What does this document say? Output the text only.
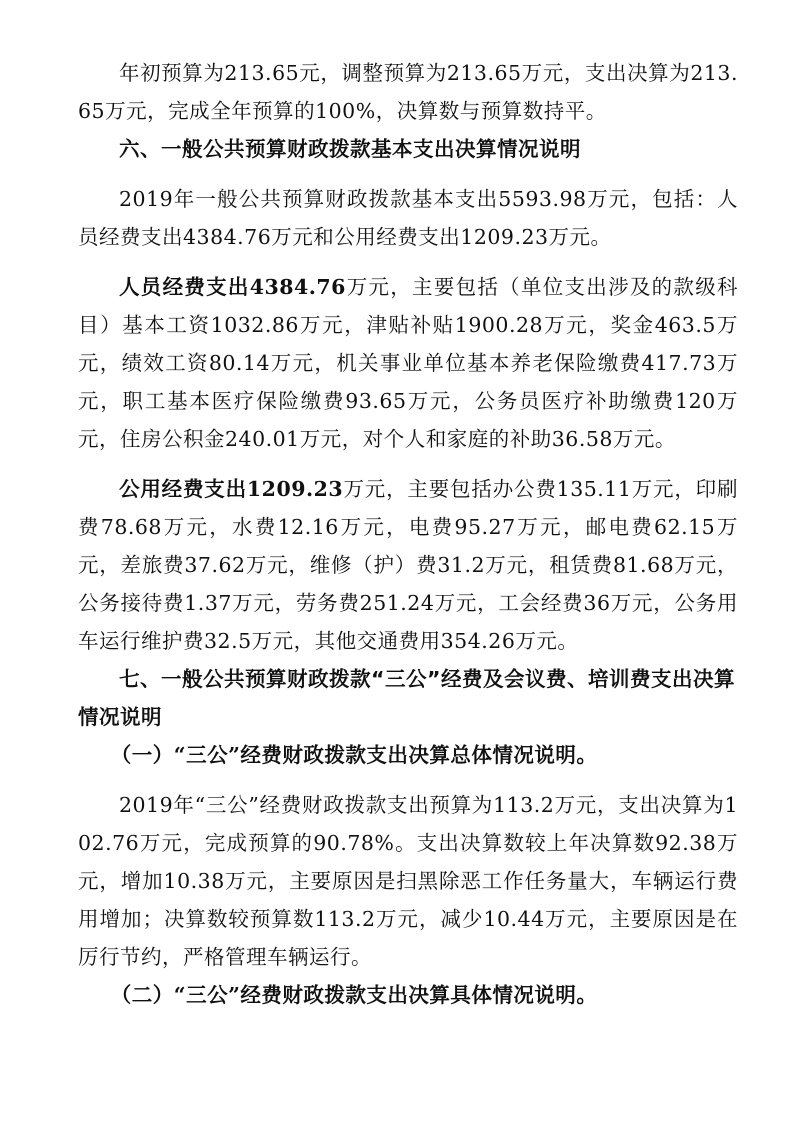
年初预算为213.65元，调整预算为213.65万元，支出决算为213.65万元，完成全年预算的100%，决算数与预算数持平。

六、一般公共预算财政拨款基本支出决算情况说明

2019年一般公共预算财政拨款基本支出5593.98万元，包括：人员经费支出4384.76万元和公用经费支出1209.23万元。

人员经费支出4384.76万元，主要包括（单位支出涉及的款级科目）基本工资1032.86万元，津贴补贴1900.28万元，奖金463.5万元，绩效工资80.14万元，机关事业单位基本养老保险缴费417.73万元，职工基本医疗保险缴费93.65万元，公务员医疗补助缴费120万元，住房公积金240.01万元，对个人和家庭的补助36.58万元。

公用经费支出1209.23万元，主要包括办公费135.11万元，印刷费78.68万元，水费12.16万元，电费95.27万元，邮电费62.15万元，差旅费37.62万元，维修（护）费31.2万元，租赁费81.68万元，公务接待费1.37万元，劳务费251.24万元，工会经费36万元，公务用车运行维护费32.5万元，其他交通费用354.26万元。

七、一般公共预算财政拨款“三公”经费及会议费、培训费支出决算情况说明

（一）“三公”经费财政拨款支出决算总体情况说明。

2019年“三公”经费财政拨款支出预算为113.2万元，支出决算为102.76万元，完成预算的90.78%。支出决算数较上年决算数92.38万元，增加10.38万元，主要原因是扫黑除恶工作任务量大，车辆运行费用增加；决算数较预算数113.2万元，减少10.44万元，主要原因是在厉行节约，严格管理车辆运行。

（二）“三公”经费财政拨款支出决算具体情况说明。
